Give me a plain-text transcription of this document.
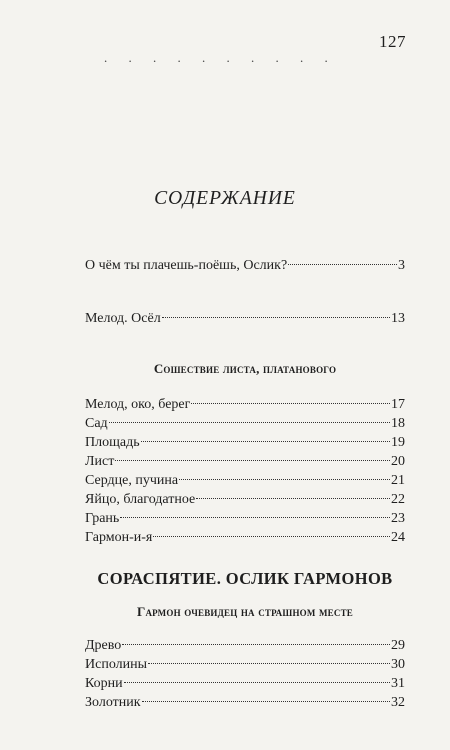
127
. . . . . . . . . .
СОДЕРЖАНИЕ
О чём ты плачешь-поёшь, Ослик?	3
Мелод. Осёл	13
Сошествие листа, платанового
Мелод, око, берег	17
Сад	18
Площадь	19
Лист	20
Сердце, пучина	21
Яйцо, благодатное	22
Грань	23
Гармон-и-я	24
СОРАСПЯТИЕ. ОСЛИК ГАРМОНОВ
Гармон очевидец на страшном месте
Древо	29
Исполины	30
Корни	31
Золотник	32
